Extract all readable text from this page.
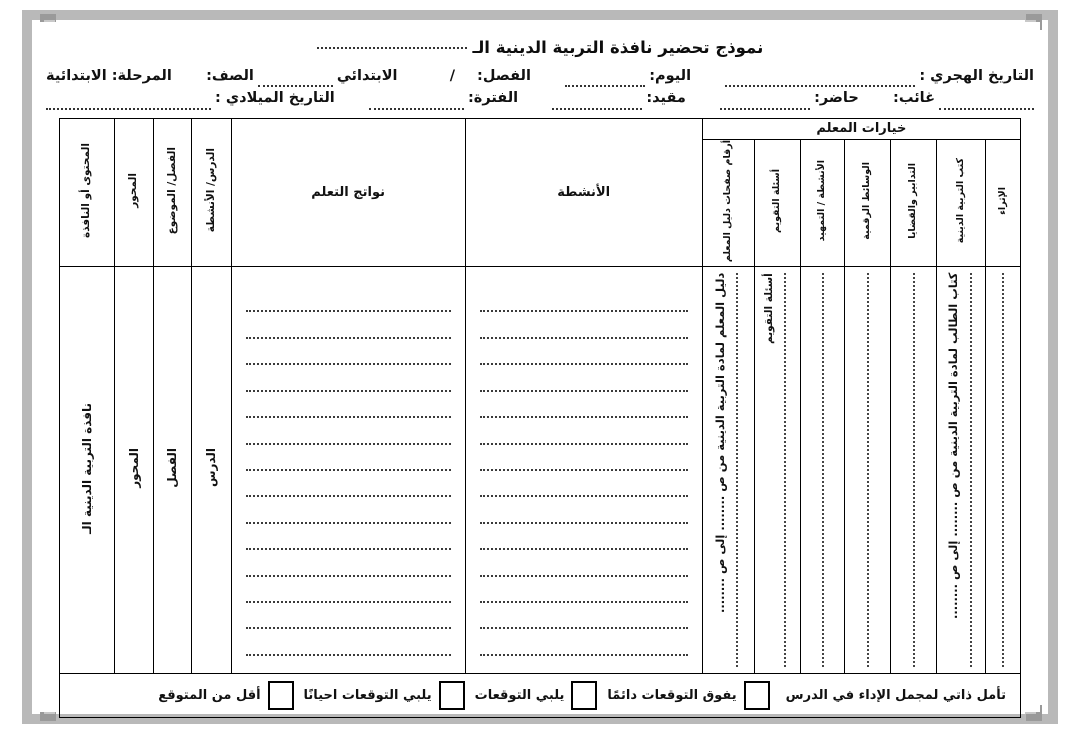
نموذج تحضير نافذة التربية الدينية الـ
التاريخ الهجري :
اليوم:
الفصل:
/
الابتدائي
الصف:
المرحلة: الابتدائية
غائب:
حاضر:
مقيد:
الفترة:
التاريخ الميلادي :
خيارات المعلم							الأنشطة	نواتج التعلم	الدرس/ الأنشطة	الفصل/ الموضوع	المحور	المحتوى أو النافذة
الإثراء	كتب التربية الدينية	التدابير والقضايا	الوسائط الرقمية	الأنشطة / التمهيد	أسئلة التقويم	أرقام صفحات دليل المعلم						

	كتاب الطالب لمادة التربية الدينية من ص ........ إلى ص ........				أسئلة التقويم	دليل المعلم لمادة التربية الدينية من ص ........ إلى ص ........			الدرس	الفصل	المحور	نافذة التربية الدينية الـ
تأمل ذاتي لمجمل الإداء في الدرس
يفوق التوقعات دائمًا
يلبي التوقعات
يلبي التوقعات احيانًا
أقل من المتوقع
